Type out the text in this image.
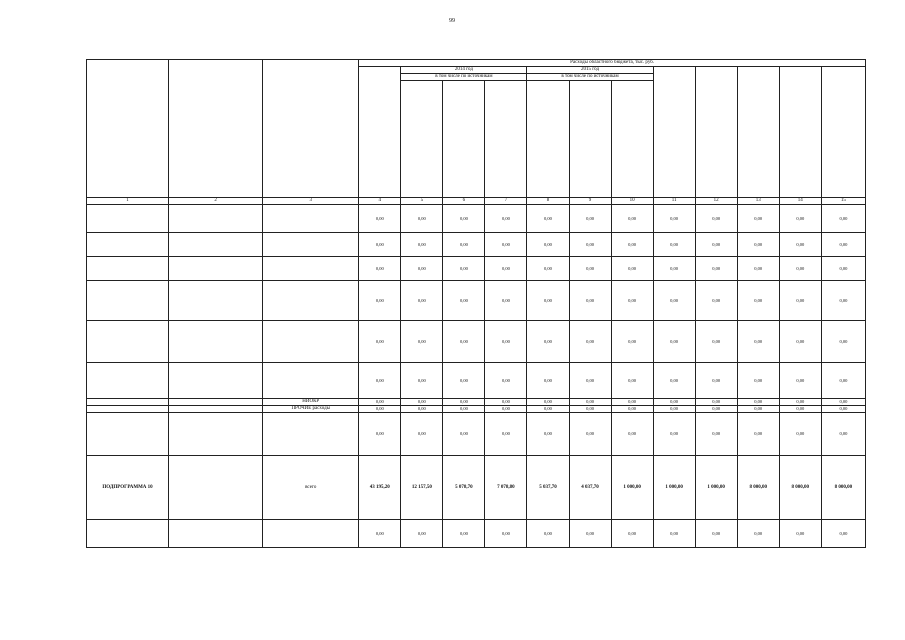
99
			Расходы областного бюджета, тыс. руб.											
				2014 год			2015 год							
				в том числе по источникам			в том числе по источникам							

1	2	3	4	5	6	7	8	9	10	11	12	13	14	15
			0,00	0,00	0,00	0,00	0,00	0,00	0,00	0,00	0,00	0,00	0,00	0,00
			0,00	0,00	0,00	0,00	0,00	0,00	0,00	0,00	0,00	0,00	0,00	0,00
			0,00	0,00	0,00	0,00	0,00	0,00	0,00	0,00	0,00	0,00	0,00	0,00
			0,00	0,00	0,00	0,00	0,00	0,00	0,00	0,00	0,00	0,00	0,00	0,00
			0,00	0,00	0,00	0,00	0,00	0,00	0,00	0,00	0,00	0,00	0,00	0,00
			0,00	0,00	0,00	0,00	0,00	0,00	0,00	0,00	0,00	0,00	0,00	0,00
		НИОКР	0,00	0,00	0,00	0,00	0,00	0,00	0,00	0,00	0,00	0,00	0,00	0,00
		ПРОЧИЕ расходы	0,00	0,00	0,00	0,00	0,00	0,00	0,00	0,00	0,00	0,00	0,00	0,00
			0,00	0,00	0,00	0,00	0,00	0,00	0,00	0,00	0,00	0,00	0,00	0,00
ПОДПРОГРАММА 10		всего	43 195,20	12 157,50	5 078,70	7 078,80	5 037,70	4 037,70	1 000,00	1 000,00	1 000,00	8 000,00	8 000,00	8 000,00
			0,00	0,00	0,00	0,00	0,00	0,00	0,00	0,00	0,00	0,00	0,00	0,00
